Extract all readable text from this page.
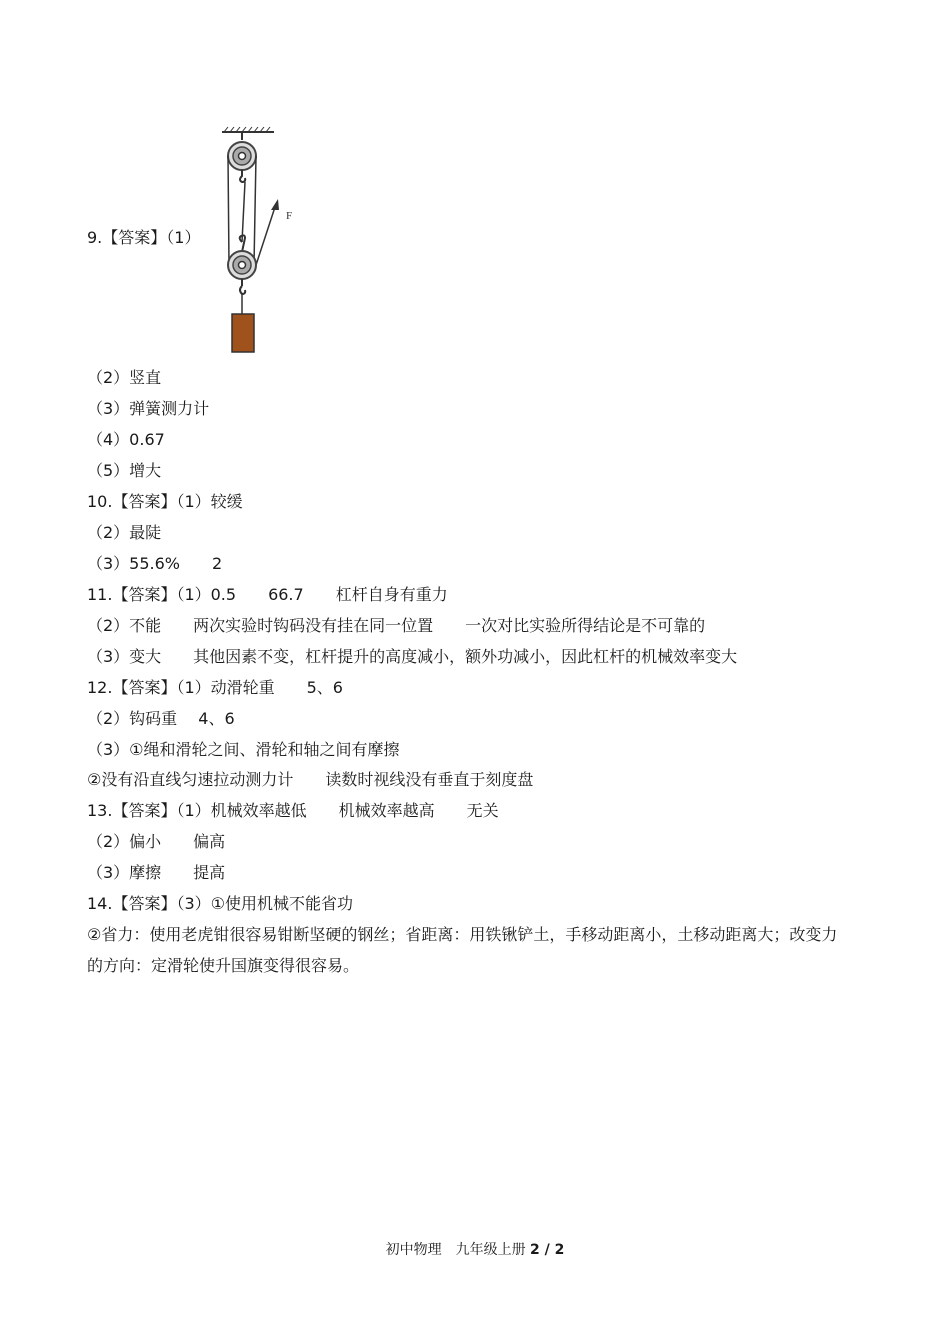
9.【答案】（1）
F
（2）竖直
（3）弹簧测力计
（4）0.67
（5）增大
10.【答案】（1）较缓
（2）最陡
（3）55.6%　　2
11.【答案】（1）0.5　　66.7　　杠杆自身有重力
（2）不能　　两次实验时钩码没有挂在同一位置　　一次对比实验所得结论是不可靠的
（3）变大　　其他因素不变，杠杆提升的高度减小，额外功减小，因此杠杆的机械效率变大
12.【答案】（1）动滑轮重　　5、6
（2）钩码重　 4、6
（3）①绳和滑轮之间、滑轮和轴之间有摩擦
②没有沿直线匀速拉动测力计　　读数时视线没有垂直于刻度盘
13.【答案】（1）机械效率越低　　机械效率越高　　无关
（2）偏小　　偏高
（3）摩擦　　提高
14.【答案】（3）①使用机械不能省功
②省力：使用老虎钳很容易钳断坚硬的钢丝；省距离：用铁锹铲土，手移动距离小，土移动距离大；改变力
的方向：定滑轮使升国旗变得很容易。
初中物理　九年级上册 2 / 2
